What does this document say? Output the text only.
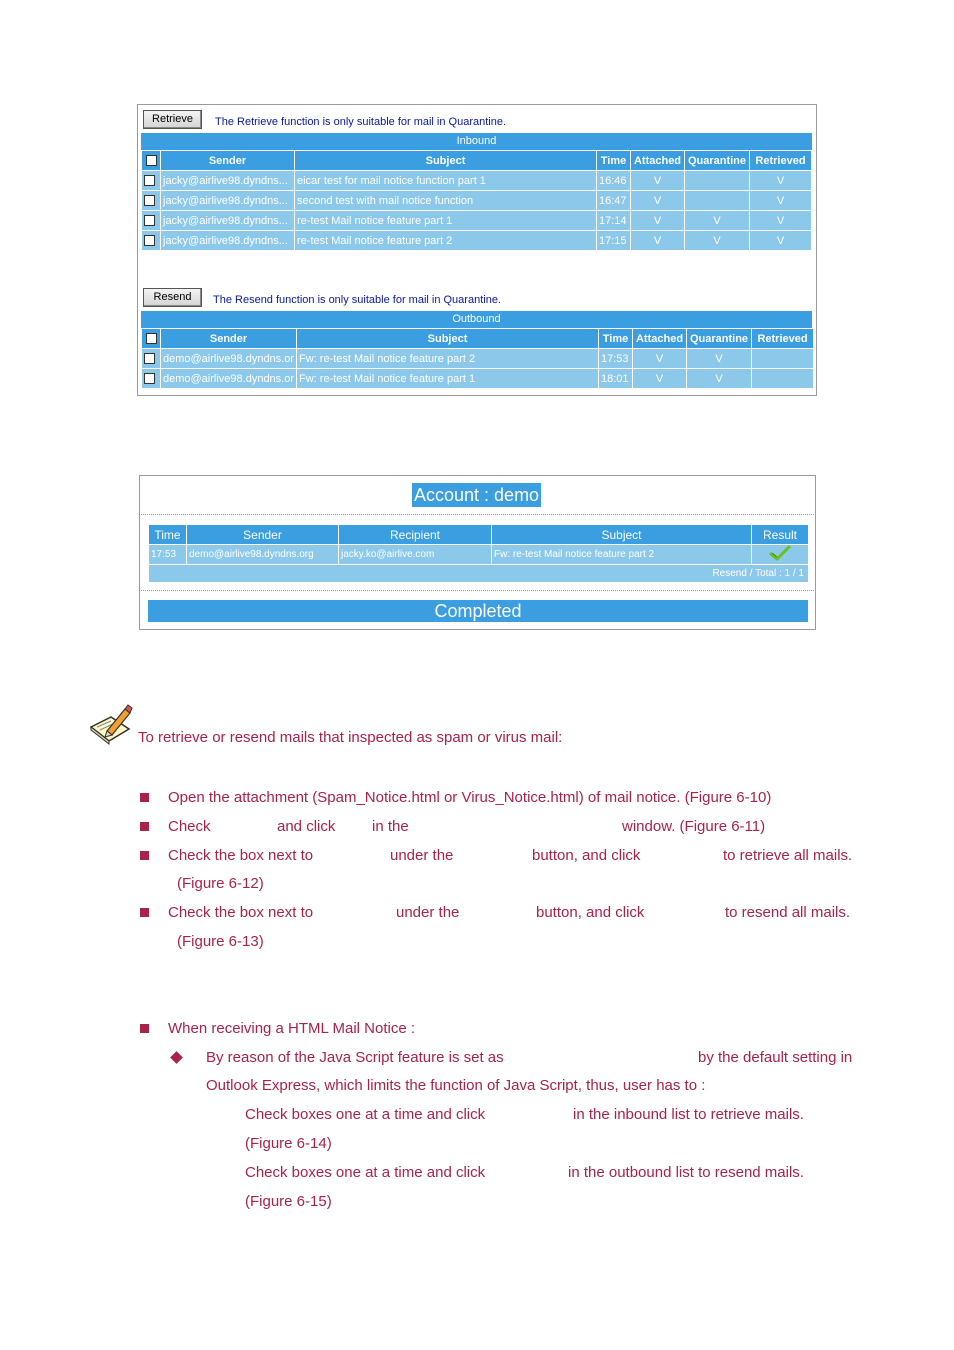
Retrieve	The Retrieve function is only suitable for mail in Quarantine.
Inbound
	Sender	Subject	Time	Attached	Quarantine	Retrieved
	jacky@airlive98.dyndns...	eicar test for mail notice function part 1	16:46	V		V
	jacky@airlive98.dyndns...	second test with mail notice function	16:47	V		V
	jacky@airlive98.dyndns...	re-test Mail notice feature part 1	17:14	V	V	V
	jacky@airlive98.dyndns...	re-test Mail notice feature part 2	17:15	V	V	V
Resend	The Resend function is only suitable for mail in Quarantine.
Outbound
	Sender	Subject	Time	Attached	Quarantine	Retrieved
	demo@airlive98.dyndns.or	Fw: re-test Mail notice feature part 2	17:53	V	V	
	demo@airlive98.dyndns.or	Fw: re-test Mail notice feature part 1	18:01	V	V	
Account : demo
Time	Sender	Recipient	Subject	Result
17:53	demo@airlive98.dyndns.org	jacky.ko@airlive.com	Fw: re-test Mail notice feature part 2	
Resend / Total : 1 / 1				
Completed
To retrieve or resend mails that inspected as spam or virus mail:
Open the attachment (Spam_Notice.html or Virus_Notice.html) of mail notice. (Figure 6-10)
Check	and click in the	window. (Figure 6-11)
Check the box next to	under the	button, and click	to retrieve all mails.
(Figure 6-12)
Check the box next to	under the	button, and click	to resend all mails.
(Figure 6-13)
When receiving a HTML Mail Notice :
By reason of the Java Script feature is set as	by the default setting in
Outlook Express, which limits the function of Java Script, thus, user has to :
Check boxes one at a time and click	in the inbound list to retrieve mails.
(Figure 6-14)
Check boxes one at a time and click	in the outbound list to resend mails.
(Figure 6-15)
